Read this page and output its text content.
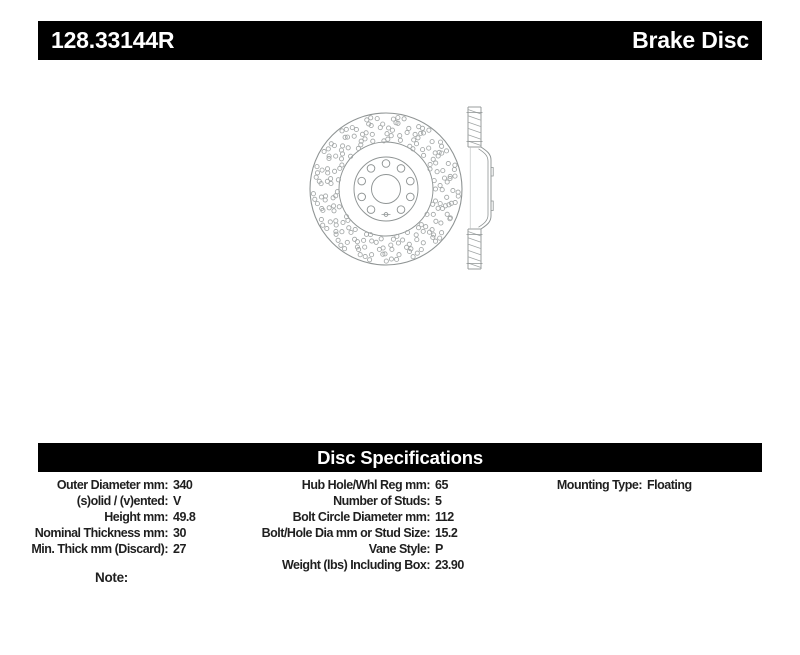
128.33144R	Brake Disc
Disc Specifications
Outer Diameter mm: 340
(s)olid / (v)ented: V
Height mm: 49.8
Nominal Thickness mm: 30
Min. Thick mm (Discard): 27
Hub Hole/Whl Reg mm: 65
Number of Studs: 5
Bolt Circle Diameter mm: 112
Bolt/Hole Dia mm or Stud Size: 15.2
Vane Style: P
Weight (lbs) Including Box: 23.90
Mounting Type: Floating
Note:
